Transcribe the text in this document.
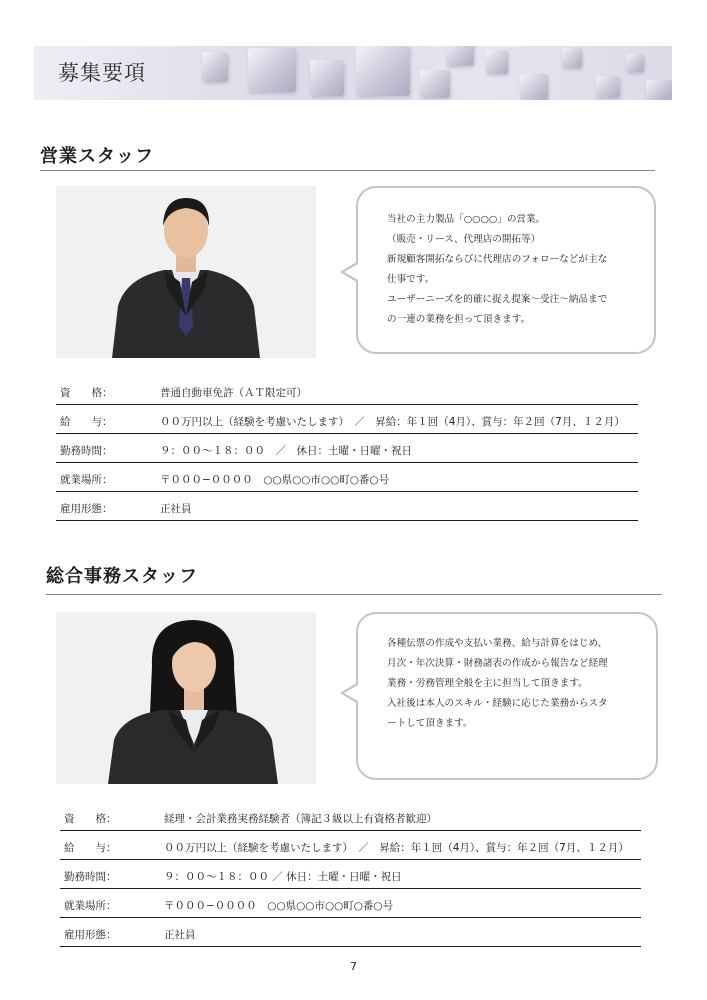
募集要項
営業スタッフ
当社の主力製品「○○○○」の営業。
（販売・リース、代理店の開拓等）
新規顧客開拓ならびに代理店のフォローなどが主な
仕事です。
ユーザーニーズを的確に捉え提案〜受注〜納品まで
の一連の業務を担って頂きます。
資　　格：	普通自動車免許（ＡＴ限定可）
給　　与：	００万円以上（経験を考慮いたします）　／　昇給：年１回（4月）、賞与：年２回（7月、１２月）
勤務時間：	９：００〜１８：００　／　休日：土曜・日曜・祝日
就業場所：	〒０００−００００　○○県○○市○○町○番○号
雇用形態：	正社員
総合事務スタッフ
各種伝票の作成や支払い業務、給与計算をはじめ、
月次・年次決算・財務諸表の作成から報告など経理
業務・労務管理全般を主に担当して頂きます。
入社後は本人のスキル・経験に応じた業務からスタ
ートして頂きます。
資　　格：	経理・会計業務実務経験者（簿記３級以上有資格者歓迎）
給　　与：	００万円以上（経験を考慮いたします）　／　昇給：年１回（4月）、賞与：年２回（7月、１２月）
勤務時間：	９：００〜１８：００ ／ 休日：土曜・日曜・祝日
就業場所：	〒０００−００００　○○県○○市○○町○番○号
雇用形態：	正社員
7
